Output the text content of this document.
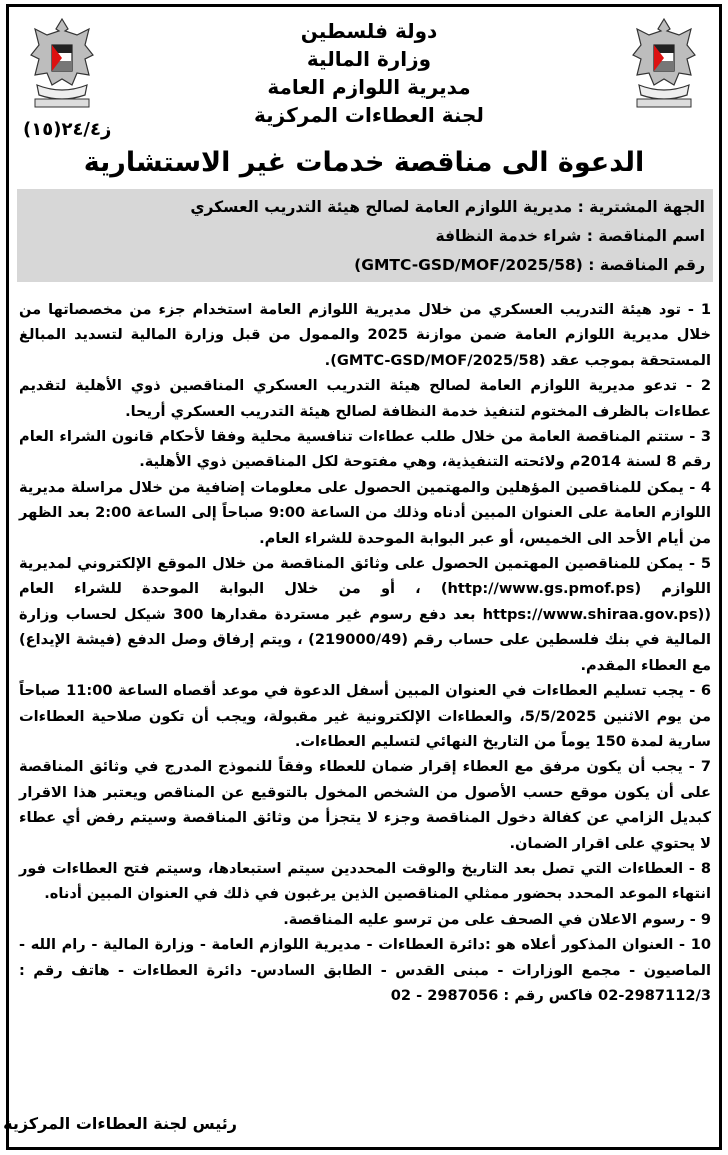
دولة فلسطين
وزارة المالية
مديرية اللوازم العامة
لجنة العطاءات المركزية
ز٢٤/٤(١٥)
الدعوة الى مناقصة خدمات غير الاستشارية
الجهة المشترية : مديرية اللوازم العامة لصالح هيئة التدريب العسكري
اسم المناقصة : شراء خدمة النظافة
رقم المناقصة : (GMTC-GSD/MOF/2025/58)
1 - تود هيئة التدريب العسكري من خلال مديرية اللوازم العامة استخدام جزء من مخصصاتها من خلال مديرية اللوازم العامة ضمن موازنة 2025 والممول من قبل وزارة المالية لتسديد المبالغ المستحقة بموجب عقد (GMTC-GSD/MOF/2025/58).
2 - تدعو مديرية اللوازم العامة لصالح هيئة التدريب العسكري المناقصين ذوي الأهلية لتقديم عطاءات بالظرف المختوم لتنفيذ خدمة النظافة لصالح هيئة التدريب العسكري أريحا.
3 - ستتم المناقصة العامة من خلال طلب عطاءات تنافسية محلية وفقا لأحكام قانون الشراء العام رقم 8 لسنة 2014م ولائحته التنفيذية، وهي مفتوحة لكل المناقصين ذوي الأهلية.
4 - يمكن للمناقصين المؤهلين والمهتمين الحصول على معلومات إضافية من خلال مراسلة مديرية اللوازم العامة على العنوان المبين أدناه وذلك من الساعة 9:00 صباحاً إلى الساعة 2:00 بعد الظهر من أيام الأحد الى الخميس، أو عبر البوابة الموحدة للشراء العام.
5 - يمكن للمناقصين المهتمين الحصول على وثائق المناقصة من خلال الموقع الإلكتروني لمديرية اللوازم (http://www.gs.pmof.ps) ، أو من خلال البوابة الموحدة للشراء العام ((https://www.shiraa.gov.ps بعد دفع رسوم غير مستردة مقدارها 300 شيكل لحساب وزارة المالية في بنك فلسطين على حساب رقم (219000/49) ، ويتم إرفاق وصل الدفع (فيشة الإيداع) مع العطاء المقدم.
6 - يجب تسليم العطاءات في العنوان المبين أسفل الدعوة في موعد أقصاه الساعة 11:00 صباحاً من يوم الاثنين 5/5/2025، والعطاءات الإلكترونية غير مقبولة، ويجب أن تكون صلاحية العطاءات سارية لمدة 150 يوماً من التاريخ النهائي لتسليم العطاءات.
7 - يجب أن يكون مرفق مع العطاء إقرار ضمان للعطاء وفقاً للنموذج المدرج في وثائق المناقصة على أن يكون موقع حسب الأصول من الشخص المخول بالتوقيع عن المناقص ويعتبر هذا الاقرار كبديل الزامي عن كفالة دخول المناقصة وجزء لا يتجزأ من وثائق المناقصة وسيتم رفض أي عطاء لا يحتوي على اقرار الضمان.
8 - العطاءات التي تصل بعد التاريخ والوقت المحددين سيتم استبعادها، وسيتم فتح العطاءات فور انتهاء الموعد المحدد بحضور ممثلي المناقصين الذين يرغبون في ذلك في العنوان المبين أدناه.
9 - رسوم الاعلان في الصحف على من ترسو عليه المناقصة.
10 - العنوان المذكور أعلاه هو :دائرة العطاءات - مديرية اللوازم العامة - وزارة المالية - رام الله - الماصيون - مجمع الوزارات - مبنى القدس - الطابق السادس- دائرة العطاءات - هاتف رقم : 2987112/3-02 فاكس رقم : 2987056 - 02
رئيس لجنة العطاءات المركزية
